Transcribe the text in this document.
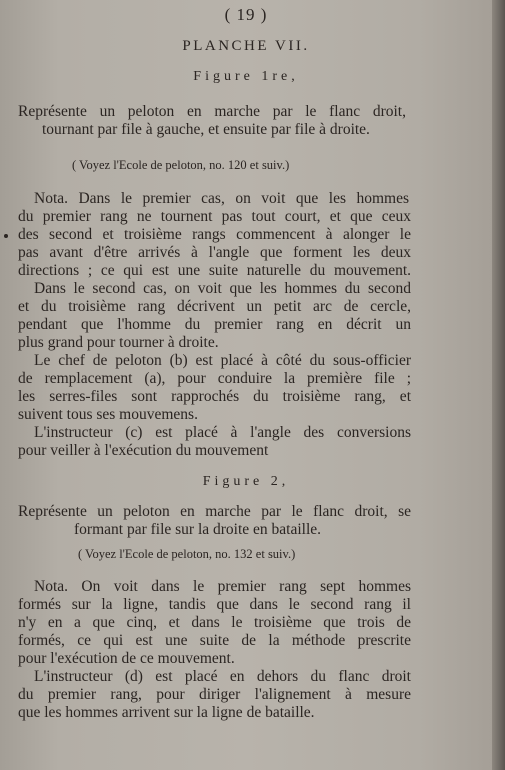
( 19 )
PLANCHE VII.
Figure 1re,
Représente un peloton en marche par le flanc droit,
tournant par file à gauche, et ensuite par file à droite.
( Voyez l'Ecole de peloton, no. 120 et suiv.)
Nota. Dans le premier cas, on voit que les hommes
du premier rang ne tournent pas tout court, et que ceux
des second et troisième rangs commencent à alonger le
pas avant d'être arrivés à l'angle que forment les deux
directions ; ce qui est une suite naturelle du mouvement.
Dans le second cas, on voit que les hommes du second
et du troisième rang décrivent un petit arc de cercle,
pendant que l'homme du premier rang en décrit un
plus grand pour tourner à droite.
Le chef de peloton (b) est placé à côté du sous-officier
de remplacement (a), pour conduire la première file ;
les serres-files sont rapprochés du troisième rang, et
suivent tous ses mouvemens.
L'instructeur (c) est placé à l'angle des conversions
pour veiller à l'exécution du mouvement
Figure 2,
Représente un peloton en marche par le flanc droit, se
formant par file sur la droite en bataille.
( Voyez l'Ecole de peloton, no. 132 et suiv.)
Nota. On voit dans le premier rang sept hommes
formés sur la ligne, tandis que dans le second rang il
n'y en a que cinq, et dans le troisième que trois de
formés, ce qui est une suite de la méthode prescrite
pour l'exécution de ce mouvement.
L'instructeur (d) est placé en dehors du flanc droit
du premier rang, pour diriger l'alignement à mesure
que les hommes arrivent sur la ligne de bataille.
